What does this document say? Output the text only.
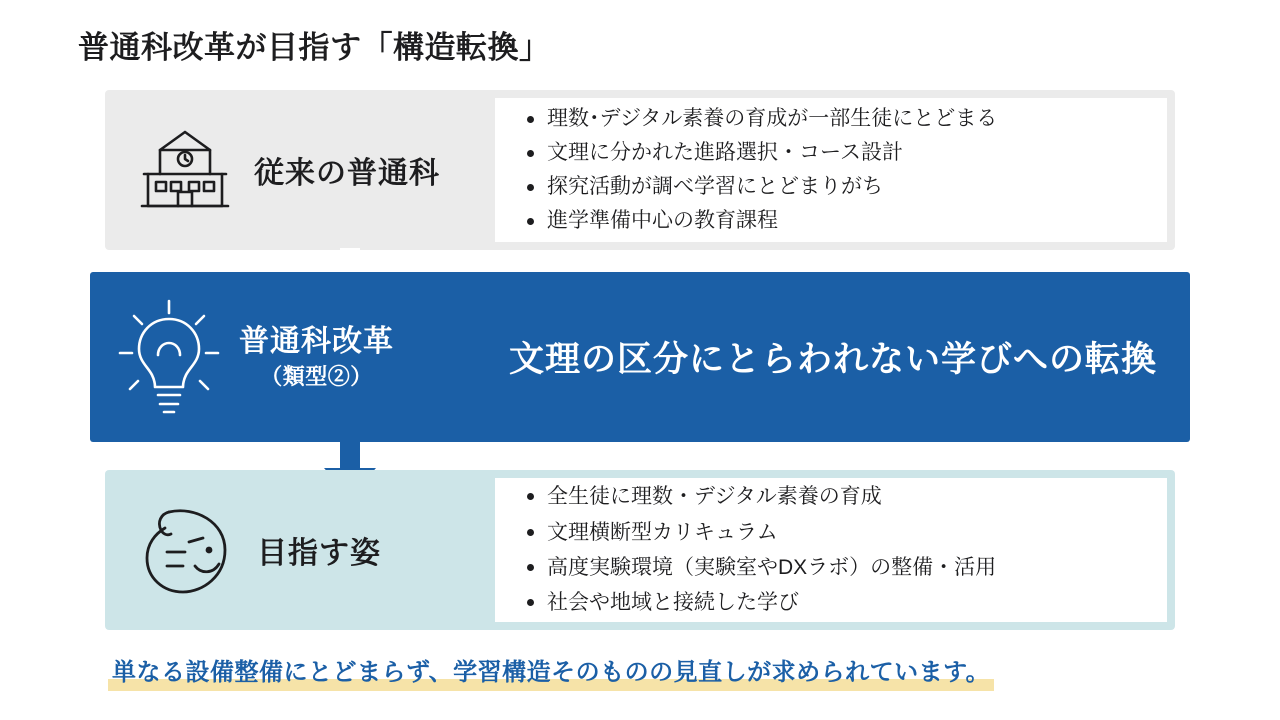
普通科改革が目指す「構造転換」
従来の普通科
理数･デジタル素養の育成が一部生徒にとどまる
文理に分かれた進路選択・コース設計
探究活動が調べ学習にとどまりがち
進学準備中心の教育課程
普通科改革
（類型②）	文理の区分にとらわれない学びへの転換
目指す姿
全生徒に理数・デジタル素養の育成
文理横断型カリキュラム
高度実験環境（実験室やDXラボ）の整備・活用
社会や地域と接続した学び
単なる設備整備にとどまらず、学習構造そのものの見直しが求められています。
